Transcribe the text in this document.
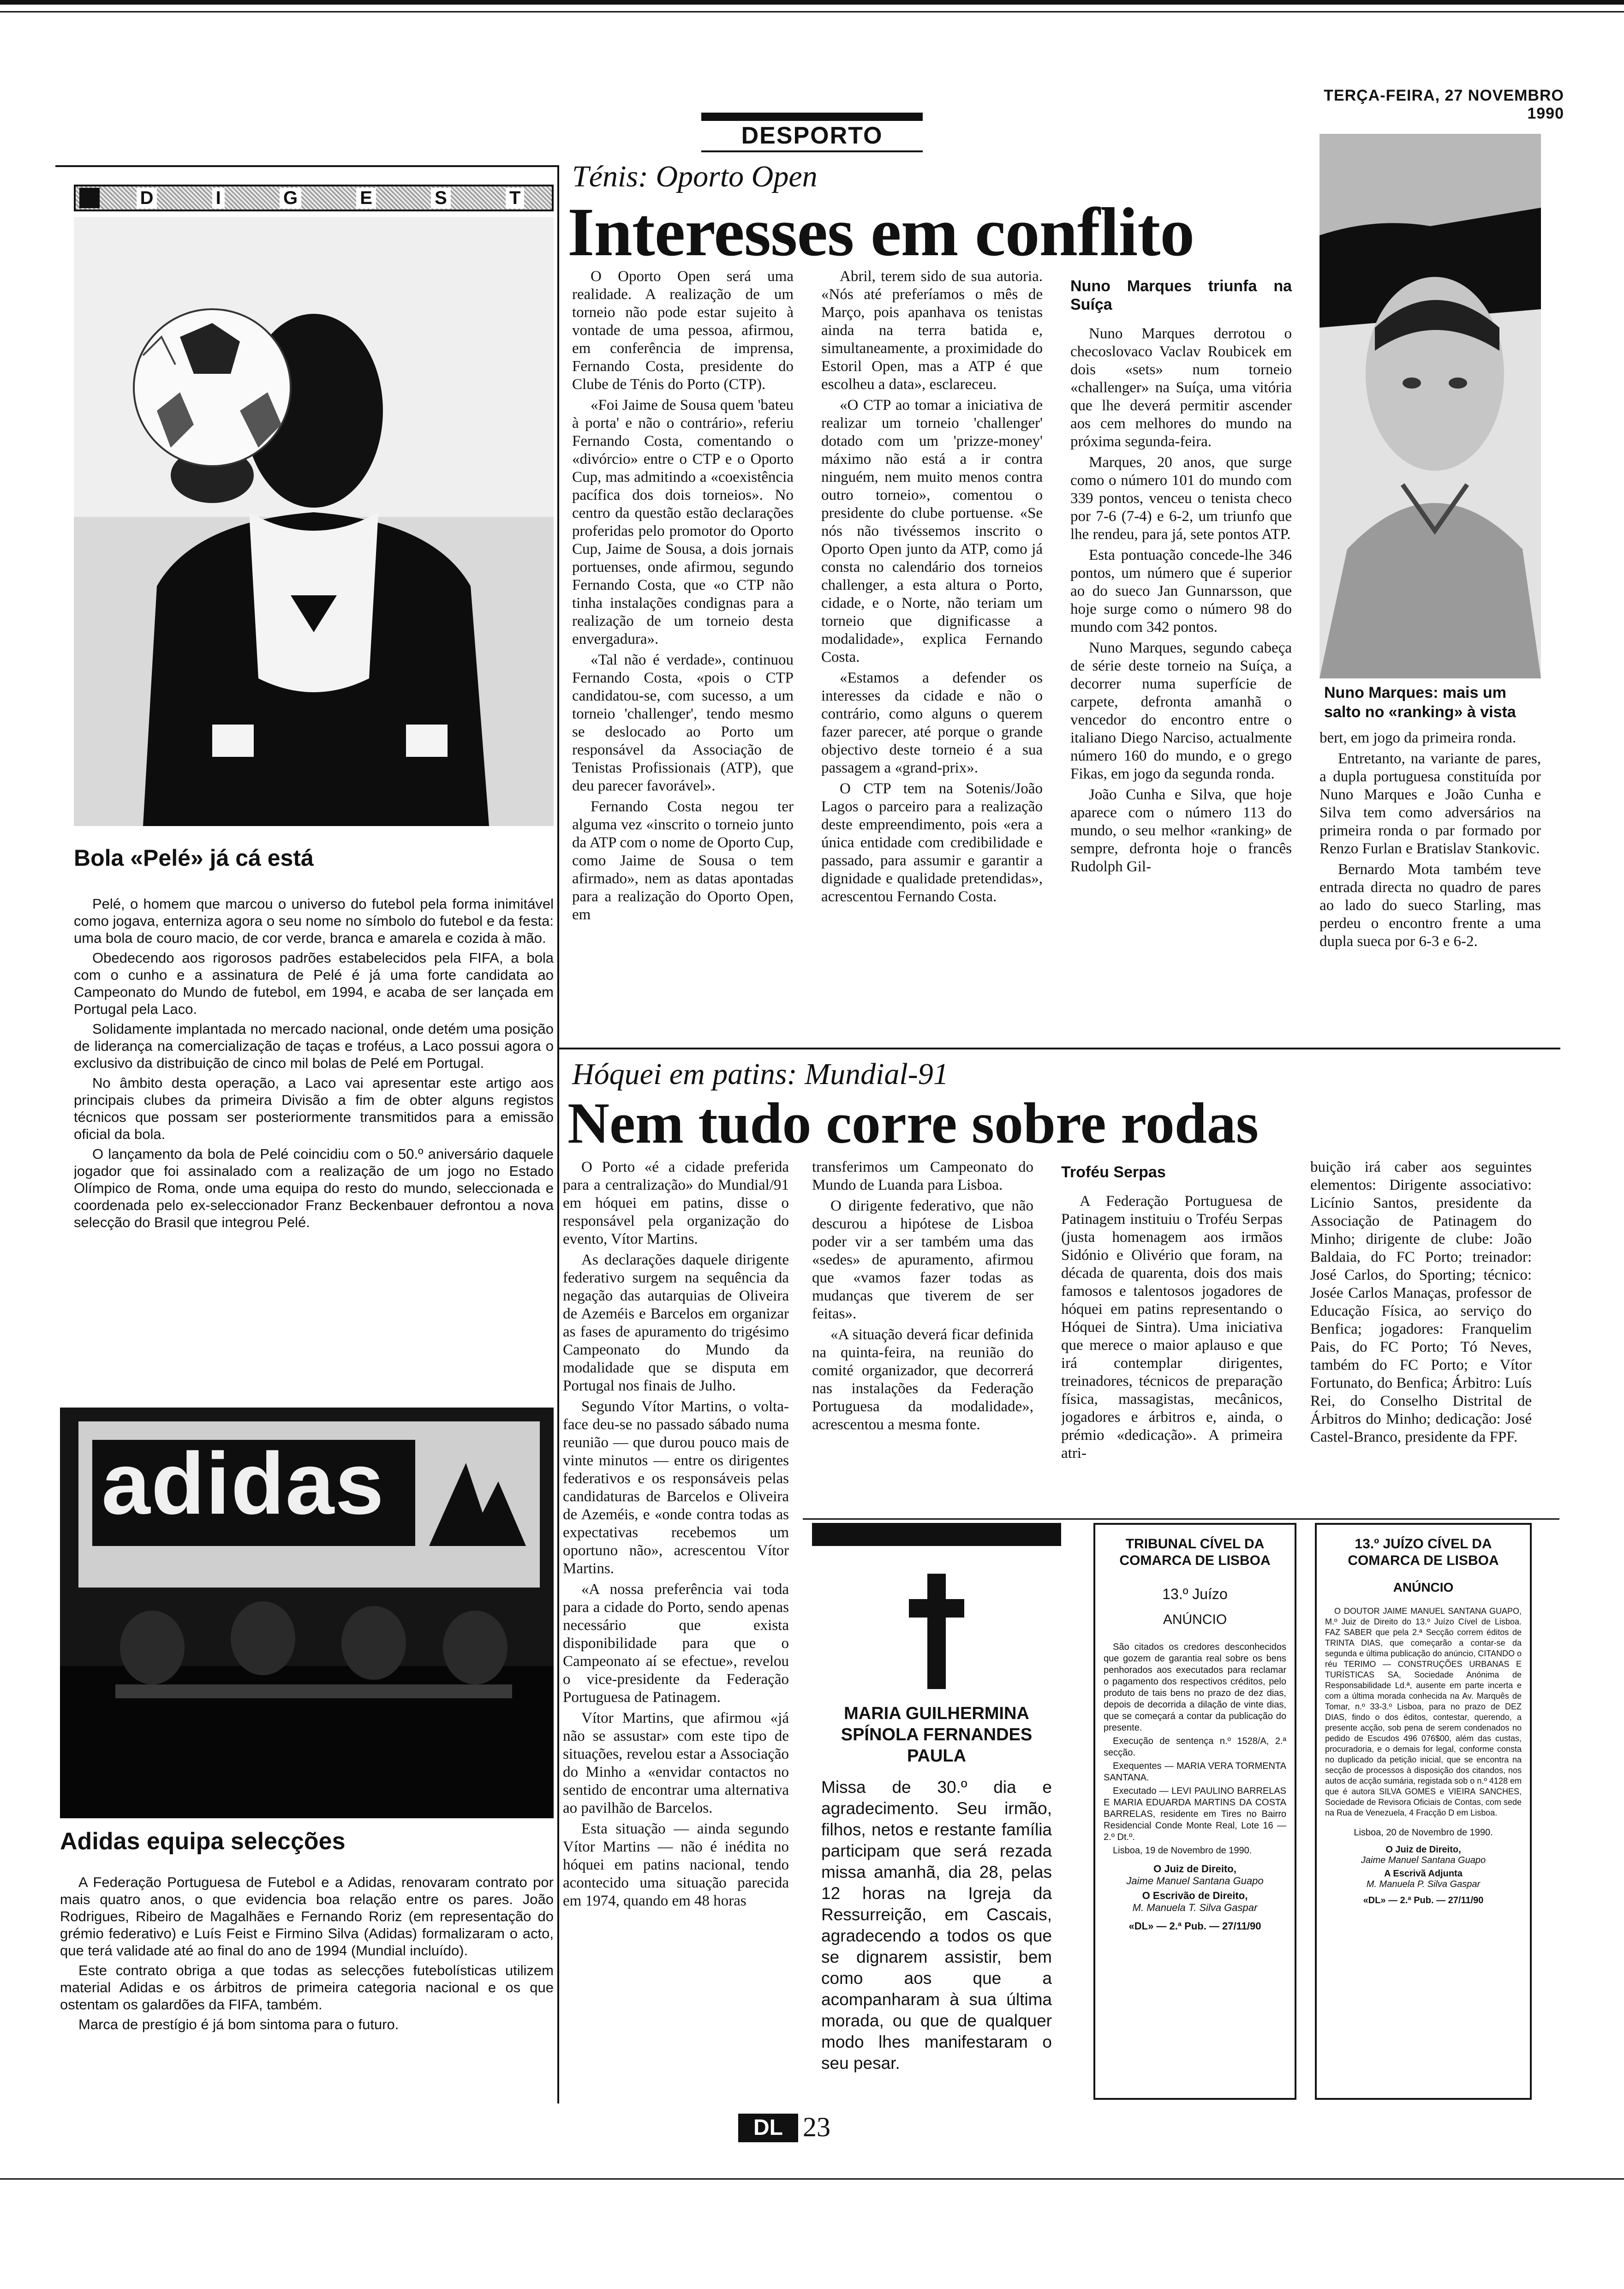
TERÇA-FEIRA, 27 NOVEMBRO 1990
DESPORTO
D	I	G	E	S	T
Bola «Pelé» já cá está

Pelé, o homem que marcou o universo do futebol pela forma inimitável como jogava, enterniza agora o seu nome no símbolo do futebol e da festa: uma bola de couro macio, de cor verde, branca e amarela e cozida à mão.

Obedecendo aos rigorosos padrões estabelecidos pela FIFA, a bola com o cunho e a assinatura de Pelé é já uma forte candidata ao Campeonato do Mundo de futebol, em 1994, e acaba de ser lançada em Portugal pela Laco.

Solidamente implantada no mercado nacional, onde detém uma posição de liderança na comercialização de taças e troféus, a Laco possui agora o exclusivo da distribuição de cinco mil bolas de Pelé em Portugal.

No âmbito desta operação, a Laco vai apresentar este artigo aos principais clubes da primeira Divisão a fim de obter alguns registos técnicos que possam ser posteriormente transmitidos para a emissão oficial da bola.

O lançamento da bola de Pelé coincidiu com o 50.º aniversário daquele jogador que foi assinalado com a realização de um jogo no Estado Olímpico de Roma, onde uma equipa do resto do mundo, seleccionada e coordenada pelo ex-seleccionador Franz Beckenbauer defrontou a nova selecção do Brasil que integrou Pelé.

adidas
Adidas equipa selecções

A Federação Portuguesa de Futebol e a Adidas, renovaram contrato por mais quatro anos, o que evidencia boa relação entre os pares. João Rodrigues, Ribeiro de Magalhães e Fernando Roriz (em representação do grémio federativo) e Luís Feist e Firmino Silva (Adidas) formalizaram o acto, que terá validade até ao final do ano de 1994 (Mundial incluído).

Este contrato obriga a que todas as selecções futebolísticas utilizem material Adidas e os árbitros de primeira categoria nacional e os que ostentam os galardões da FIFA, também.

Marca de prestígio é já bom sintoma para o futuro.

Ténis: Oporto Open
Interesses em conflito

O Oporto Open será uma realidade. A realização de um torneio não pode estar sujeito à vontade de uma pessoa, afirmou, em conferência de imprensa, Fernando Costa, presidente do Clube de Ténis do Porto (CTP).

«Foi Jaime de Sousa quem 'bateu à porta' e não o contrário», referiu Fernando Costa, comentando o «divórcio» entre o CTP e o Oporto Cup, mas admitindo a «coexistência pacífica dos dois torneios». No centro da questão estão declarações proferidas pelo promotor do Oporto Cup, Jaime de Sousa, a dois jornais portuenses, onde afirmou, segundo Fernando Costa, que «o CTP não tinha instalações condignas para a realização de um torneio desta envergadura».

«Tal não é verdade», continuou Fernando Costa, «pois o CTP candidatou-se, com sucesso, a um torneio 'challenger', tendo mesmo se deslocado ao Porto um responsável da Associação de Tenistas Profissionais (ATP), que deu parecer favorável».

Fernando Costa negou ter alguma vez «inscrito o torneio junto da ATP com o nome de Oporto Cup, como Jaime de Sousa o tem afirmado», nem as datas apontadas para a realização do Oporto Open, em

Abril, terem sido de sua autoria. «Nós até preferíamos o mês de Março, pois apanhava os tenistas ainda na terra batida e, simultaneamente, a proximidade do Estoril Open, mas a ATP é que escolheu a data», esclareceu.

«O CTP ao tomar a iniciativa de realizar um torneio 'challenger' dotado com um 'prizze-money' máximo não está a ir contra ninguém, nem muito menos contra outro torneio», comentou o presidente do clube portuense. «Se nós não tivéssemos inscrito o Oporto Open junto da ATP, como já consta no calendário dos torneios challenger, a esta altura o Porto, cidade, e o Norte, não teriam um torneio que dignificasse a modalidade», explica Fernando Costa.

«Estamos a defender os interesses da cidade e não o contrário, como alguns o querem fazer parecer, até porque o grande objectivo deste torneio é a sua passagem a «grand-prix».

O CTP tem na Sotenis/João Lagos o parceiro para a realização deste empreendimento, pois «era a única entidade com credibilidade e passado, para assumir e garantir a dignidade e qualidade pretendidas», acrescentou Fernando Costa.

Nuno Marques triunfa na Suíça

Nuno Marques derrotou o checoslovaco Vaclav Roubicek em dois «sets» num torneio «challenger» na Suíça, uma vitória que lhe deverá permitir ascender aos cem melhores do mundo na próxima segunda-feira.

Marques, 20 anos, que surge como o número 101 do mundo com 339 pontos, venceu o tenista checo por 7-6 (7-4) e 6-2, um triunfo que lhe rendeu, para já, sete pontos ATP.

Esta pontuação concede-lhe 346 pontos, um número que é superior ao do sueco Jan Gunnarsson, que hoje surge como o número 98 do mundo com 342 pontos.

Nuno Marques, segundo cabeça de série deste torneio na Suíça, a decorrer numa superfície de carpete, defronta amanhã o vencedor do encontro entre o italiano Diego Narciso, actualmente número 160 do mundo, e o grego Fikas, em jogo da segunda ronda.

João Cunha e Silva, que hoje aparece com o número 113 do mundo, o seu melhor «ranking» de sempre, defronta hoje o francês Rudolph Gil-

Nuno Marques: mais um salto no «ranking» à vista

bert, em jogo da primeira ronda.

Entretanto, na variante de pares, a dupla portuguesa constituída por Nuno Marques e João Cunha e Silva tem como adversários na primeira ronda o par formado por Renzo Furlan e Bratislav Stankovic.

Bernardo Mota também teve entrada directa no quadro de pares ao lado do sueco Starling, mas perdeu o encontro frente a uma dupla sueca por 6-3 e 6-2.

Hóquei em patins: Mundial-91
Nem tudo corre sobre rodas

O Porto «é a cidade preferida para a centralização» do Mundial/91 em hóquei em patins, disse o responsável pela organização do evento, Vítor Martins.

As declarações daquele dirigente federativo surgem na sequência da negação das autarquias de Oliveira de Azeméis e Barcelos em organizar as fases de apuramento do trigésimo Campeonato do Mundo da modalidade que se disputa em Portugal nos finais de Julho.

Segundo Vítor Martins, o volta-face deu-se no passado sábado numa reunião — que durou pouco mais de vinte minutos — entre os dirigentes federativos e os responsáveis pelas candidaturas de Barcelos e Oliveira de Azeméis, e «onde contra todas as expectativas recebemos um oportuno não», acrescentou Vítor Martins.

«A nossa preferência vai toda para a cidade do Porto, sendo apenas necessário que exista disponibilidade para que o Campeonato aí se efectue», revelou o vice-presidente da Federação Portuguesa de Patinagem.

Vítor Martins, que afirmou «já não se assustar» com este tipo de situações, revelou estar a Associação do Minho a «envidar contactos no sentido de encontrar uma alternativa ao pavilhão de Barcelos.

Esta situação — ainda segundo Vítor Martins — não é inédita no hóquei em patins nacional, tendo acontecido uma situação parecida em 1974, quando em 48 horas

transferimos um Campeonato do Mundo de Luanda para Lisboa.

O dirigente federativo, que não descurou a hipótese de Lisboa poder vir a ser também uma das «sedes» de apuramento, afirmou que «vamos fazer todas as mudanças que tiverem de ser feitas».

«A situação deverá ficar definida na quinta-feira, na reunião do comité organizador, que decorrerá nas instalações da Federação Portuguesa da modalidade», acrescentou a mesma fonte.

Troféu Serpas

A Federação Portuguesa de Patinagem instituiu o Troféu Serpas (justa homenagem aos irmãos Sidónio e Olivério que foram, na década de quarenta, dois dos mais famosos e talentosos jogadores de hóquei em patins representando o Hóquei de Sintra). Uma iniciativa que merece o maior aplauso e que irá contemplar dirigentes, treinadores, técnicos de preparação física, massagistas, mecânicos, jogadores e árbitros e, ainda, o prémio «dedicação». A primeira atri-

buição irá caber aos seguintes elementos: Dirigente associativo: Licínio Santos, presidente da Associação de Patinagem do Minho; dirigente de clube: João Baldaia, do FC Porto; treinador: José Carlos, do Sporting; técnico: Josée Carlos Manaças, professor de Educação Física, ao serviço do Benfica; jogadores: Franquelim Pais, do FC Porto; Tó Neves, também do FC Porto; e Vítor Fortunato, do Benfica; Árbitro: Luís Rei, do Conselho Distrital de Árbitros do Minho; dedicação: José Castel-Branco, presidente da FPF.

MARIA GUILHERMINA SPÍNOLA FERNANDES PAULA
Missa de 30.º dia e agradecimento. Seu irmão, filhos, netos e restante família participam que será rezada missa amanhã, dia 28, pelas 12 horas na Igreja da Ressurreição, em Cascais, agradecendo a todos os que se dignarem assistir, bem como aos que a acompanharam à sua última morada, ou que de qualquer modo lhes manifestaram o seu pesar.
TRIBUNAL CÍVEL DA COMARCA DE LISBOA
13.º Juízo
ANÚNCIO

São citados os credores desconhecidos que gozem de garantia real sobre os bens penhorados aos executados para reclamar o pagamento dos respectivos créditos, pelo produto de tais bens no prazo de dez dias, depois de decorrida a dilação de vinte dias, que se começará a contar da publicação do presente.

Execução de sentença n.º 1528/A, 2.ª secção.

Exequentes — MARIA VERA TORMENTA SANTANA.

Executado — LEVI PAULINO BARRELAS E MARIA EDUARDA MARTINS DA COSTA BARRELAS, residente em Tires no Bairro Residencial Conde Monte Real, Lote 16 — 2.º Dt.º.

Lisboa, 19 de Novembro de 1990.

O Juiz de Direito,
Jaime Manuel Santana Guapo
O Escrivão de Direito,
M. Manuela T. Silva Gaspar
«DL» — 2.ª Pub. — 27/11/90
13.º JUÍZO CÍVEL DA COMARCA DE LISBOA
ANÚNCIO
O DOUTOR JAIME MANUEL SANTANA GUAPO, M.º Juiz de Direito do 13.º Juízo Cível de Lisboa. FAZ SABER que pela 2.ª Secção correm éditos de TRINTA DIAS, que começarão a contar-se da segunda e última publicação do anúncio, CITANDO o réu TERIMO — CONSTRUÇÕES URBANAS E TURÍSTICAS SA, Sociedade Anónima de Responsabilidade Ld.ª, ausente em parte incerta e com a última morada conhecida na Av. Marquês de Tomar, n.º 33-3.º Lisboa, para no prazo de DEZ DIAS, findo o dos éditos, contestar, querendo, a presente acção, sob pena de serem condenados no pedido de Escudos 496 076$00, além das custas, procuradoria, e o demais for legal, conforme consta no duplicado da petição inicial, que se encontra na secção de processos à disposição dos citandos, nos autos de acção sumária, registada sob o n.º 4128 em que é autora SILVA GOMES e VIEIRA SANCHES, Sociedade de Revisora Oficiais de Contas, com sede na Rua de Venezuela, 4 Fracção D em Lisboa.
Lisboa, 20 de Novembro de 1990.
O Juiz de Direito,
Jaime Manuel Santana Guapo
A Escrivã Adjunta
M. Manuela P. Silva Gaspar
«DL» — 2.ª Pub. — 27/11/90
DL 23
